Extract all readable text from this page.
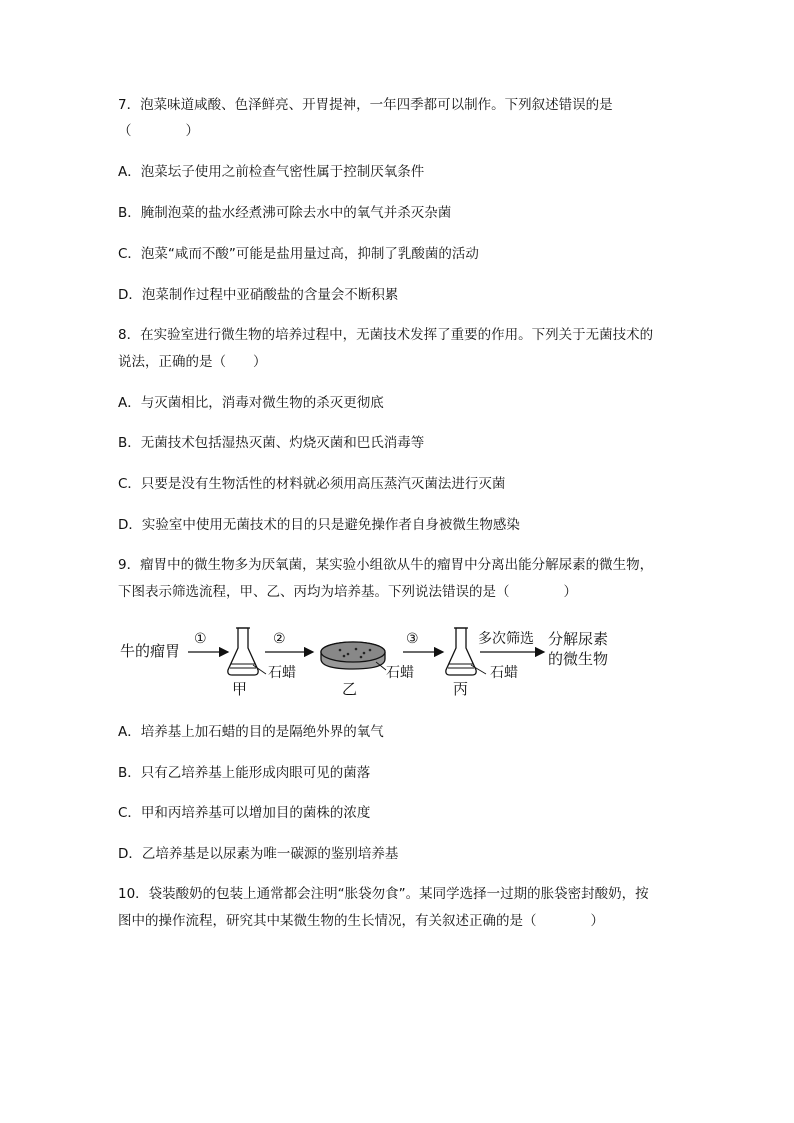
7．泡菜味道咸酸、色泽鲜亮、开胃提神，一年四季都可以制作。下列叙述错误的是
（　　　　）
A．泡菜坛子使用之前检查气密性属于控制厌氧条件
B．腌制泡菜的盐水经煮沸可除去水中的氧气并杀灭杂菌
C．泡菜“咸而不酸”可能是盐用量过高，抑制了乳酸菌的活动
D．泡菜制作过程中亚硝酸盐的含量会不断积累
8．在实验室进行微生物的培养过程中，无菌技术发挥了重要的作用。下列关于无菌技术的
说法，正确的是（　　）
A．与灭菌相比，消毒对微生物的杀灭更彻底
B．无菌技术包括湿热灭菌、灼烧灭菌和巴氏消毒等
C．只要是没有生物活性的材料就必须用高压蒸汽灭菌法进行灭菌
D．实验室中使用无菌技术的目的只是避免操作者自身被微生物感染
9．瘤胃中的微生物多为厌氧菌，某实验小组欲从牛的瘤胃中分离出能分解尿素的微生物，
下图表示筛选流程，甲、乙、丙均为培养基。下列说法错误的是（　　　　）
牛的瘤胃
①	②	③
石蜡	石蜡	石蜡
甲	乙	丙
多次筛选 分解尿素
的微生物
A．培养基上加石蜡的目的是隔绝外界的氧气
B．只有乙培养基上能形成肉眼可见的菌落
C．甲和丙培养基可以增加目的菌株的浓度
D．乙培养基是以尿素为唯一碳源的鉴别培养基
10．袋装酸奶的包装上通常都会注明“胀袋勿食”。某同学选择一过期的胀袋密封酸奶，按
图中的操作流程，研究其中某微生物的生长情况，有关叙述正确的是（　　　　）
